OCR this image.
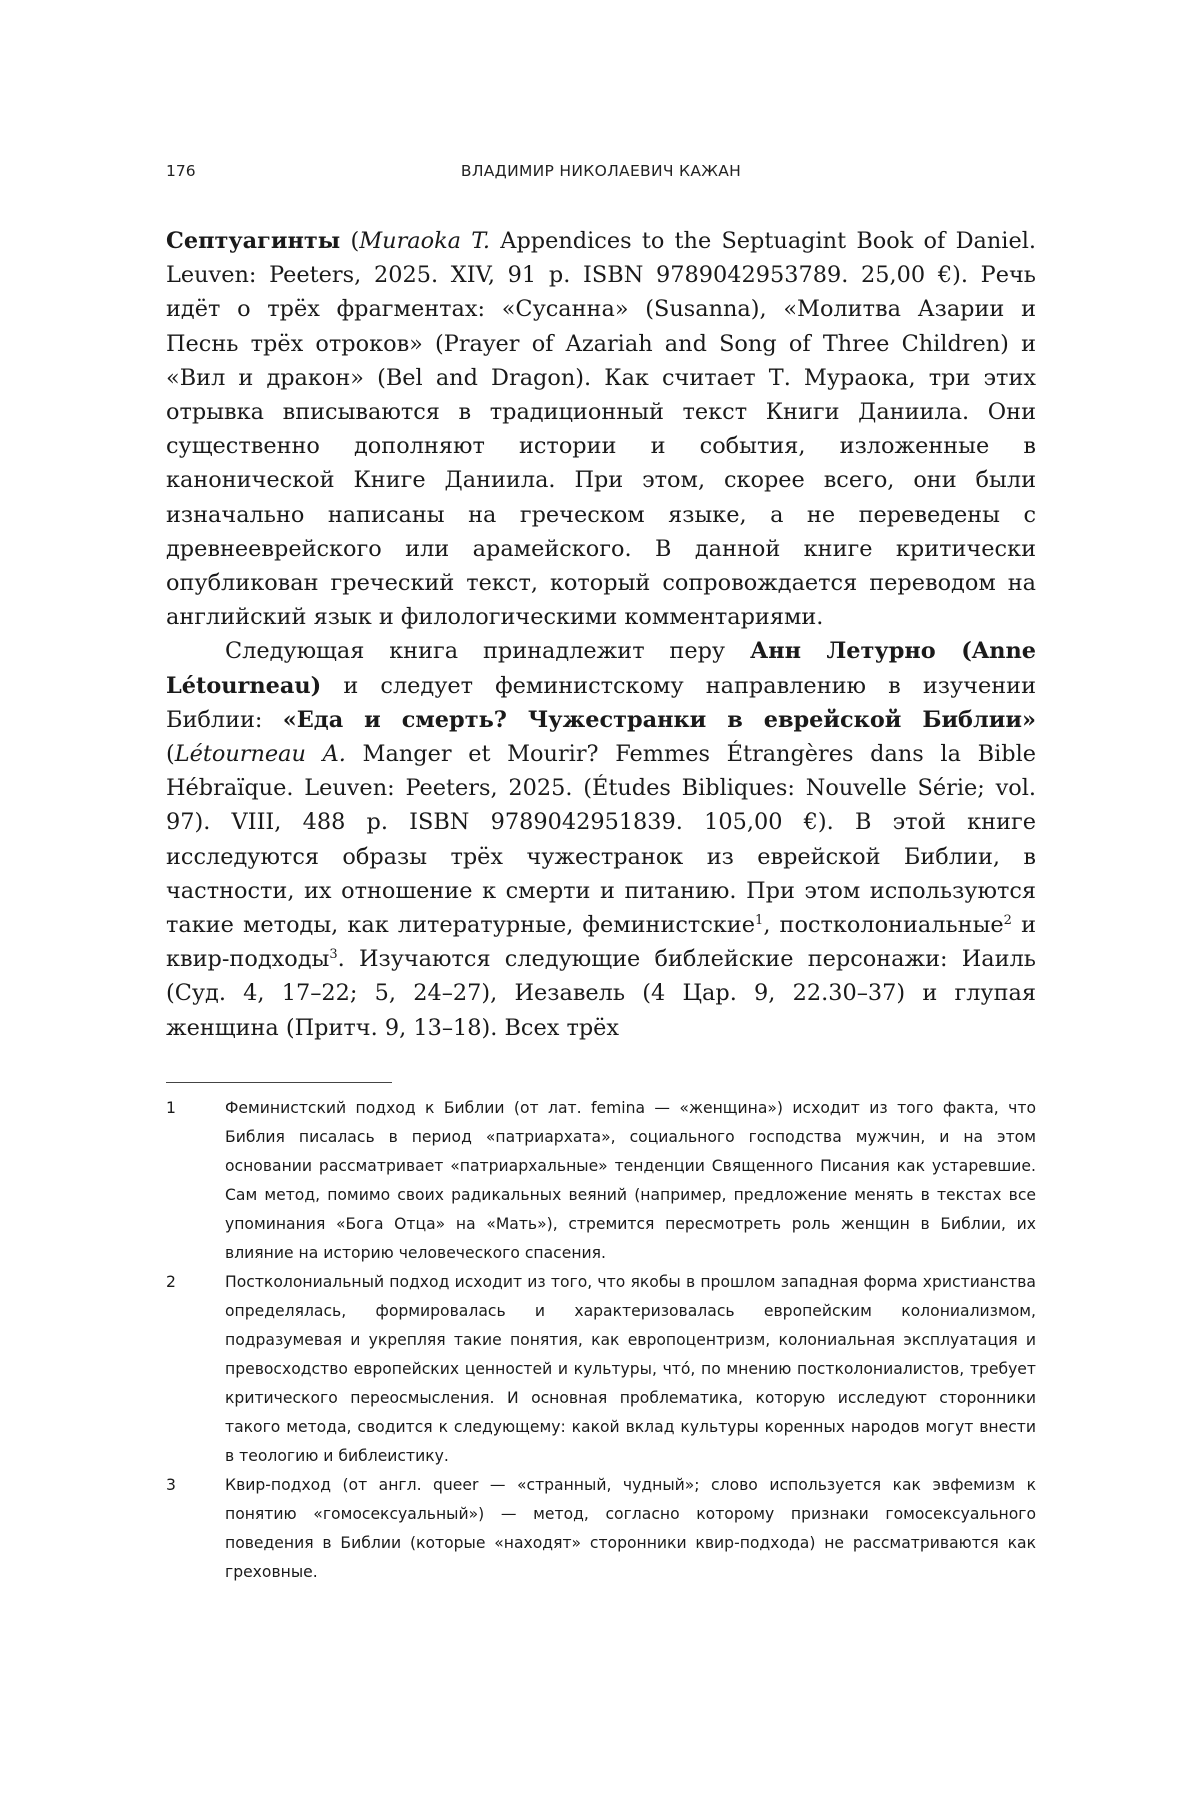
176	ВЛАДИМИР НИКОЛАЕВИЧ КАЖАН

Септуагинты (Muraoka T. Appendices to the Septuagint Book of Daniel. Leuven: Peeters, 2025. XIV, 91 p. ISBN 9789042953789. 25,00 €). Речь идёт о трёх фрагментах: «Сусанна» (Susanna), «Молитва Азарии и Песнь трёх отроков» (Prayer of Azariah and Song of Three Children) и «Вил и дракон» (Bel and Dragon). Как считает Т. Мураока, три этих отрывка вписываются в традиционный текст Книги Даниила. Они существенно дополняют истории и события, изложенные в канонической Книге Даниила. При этом, скорее всего, они были изначально написаны на греческом языке, а не переведены с древнееврейского или арамейского. В данной книге критически опубликован греческий текст, который сопровождается переводом на английский язык и филологическими комментариями.

Следующая книга принадлежит перу Анн Летурно (Anne Létourneau) и следует феминистскому направлению в изучении Библии: «Еда и смерть? Чужестранки в еврейской Библии» (Létourneau A. Manger et Mourir? Femmes Étrangères dans la Bible Hébraïque. Leuven: Peeters, 2025. (Études Bibliques: Nouvelle Série; vol. 97). VIII, 488 p. ISBN 9789042951839. 105,00 €). В этой книге исследуются образы трёх чужестранок из еврейской Библии, в частности, их отношение к смерти и питанию. При этом используются такие методы, как литературные, феминистские$^1$, постколониальные$^2$ и квир-подходы$^3$. Изучаются следующие библейские персонажи: Иаиль (Суд. 4, 17–22; 5, 24–27), Иезавель (4 Цар. 9, 22.30–37) и глупая женщина (Притч. 9, 13–18). Всех трёх

1	Феминистский подход к Библии (от лат. femina — «женщина») исходит из того факта, что Библия писалась в период «патриархата», социального господства мужчин, и на этом основании рассматривает «патриархальные» тенденции Священного Писания как устаревшие. Сам метод, помимо своих радикальных веяний (например, предложение менять в текстах все упоминания «Бога Отца» на «Мать»), стремится пересмотреть роль женщин в Библии, их влияние на историю человеческого спасения.
2	Постколониальный подход исходит из того, что якобы в прошлом западная форма христианства определялась, формировалась и характеризовалась европейским колониализмом, подразумевая и укрепляя такие понятия, как европоцентризм, колониальная эксплуатация и превосходство европейских ценностей и культуры, что́, по мнению постколониалистов, требует критического переосмысления. И основная проблематика, которую исследуют сторонники такого метода, сводится к следующему: какой вклад культуры коренных народов могут внести в теологию и библеистику.
3	Квир-подход (от англ. queer — «странный, чудный»; слово используется как эвфемизм к понятию «гомосексуальный») — метод, согласно которому признаки гомосексуального поведения в Библии (которые «находят» сторонники квир-подхода) не рассматриваются как греховные.
